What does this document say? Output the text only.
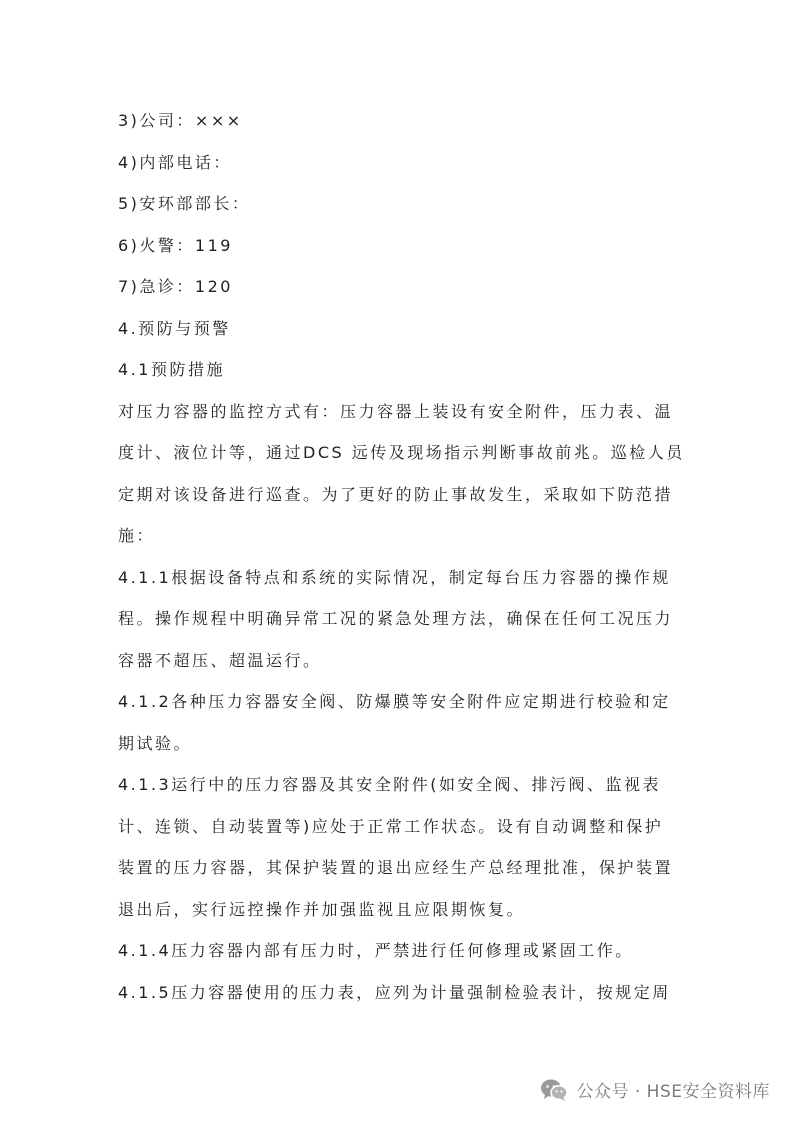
3)公司：×××

4)内部电话：

5)安环部部长：

6)火警：119

7)急诊：120

4.预防与预警

4.1预防措施

对压力容器的监控方式有：压力容器上装设有安全附件，压力表、温
度计、液位计等，通过DCS 远传及现场指示判断事故前兆。巡检人员
定期对该设备进行巡查。为了更好的防止事故发生，采取如下防范措
施：
4.1.1根据设备特点和系统的实际情况，制定每台压力容器的操作规
程。操作规程中明确异常工况的紧急处理方法，确保在任何工况压力
容器不超压、超温运行。
4.1.2各种压力容器安全阀、防爆膜等安全附件应定期进行校验和定
期试验。
4.1.3运行中的压力容器及其安全附件(如安全阀、排污阀、监视表
计、连锁、自动装置等)应处于正常工作状态。设有自动调整和保护
装置的压力容器，其保护装置的退出应经生产总经理批准，保护装置
退出后，实行远控操作并加强监视且应限期恢复。

4.1.4压力容器内部有压力时，严禁进行任何修理或紧固工作。

4.1.5压力容器使用的压力表，应列为计量强制检验表计，按规定周

公众号 · HSE安全资料库
